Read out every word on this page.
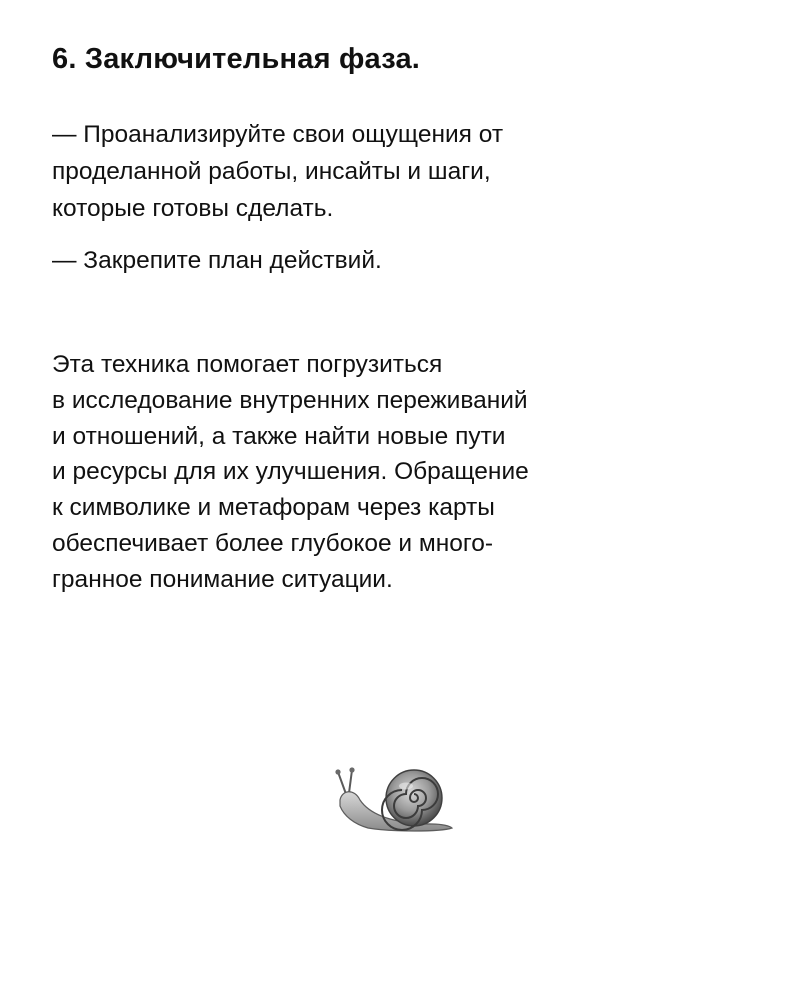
6. Заключительная фаза.

— Проанализируйте свои ощущения от
проделанной работы, инсайты и шаги,
которые готовы сделать.

— Закрепите план действий.

Эта техника помогает погрузиться
в исследование внутренних переживаний
и отношений, а также найти новые пути
и ресурсы для их улучшения. Обращение
к символике и метафорам через карты
обеспечивает более глубокое и много-
гранное понимание ситуации.
